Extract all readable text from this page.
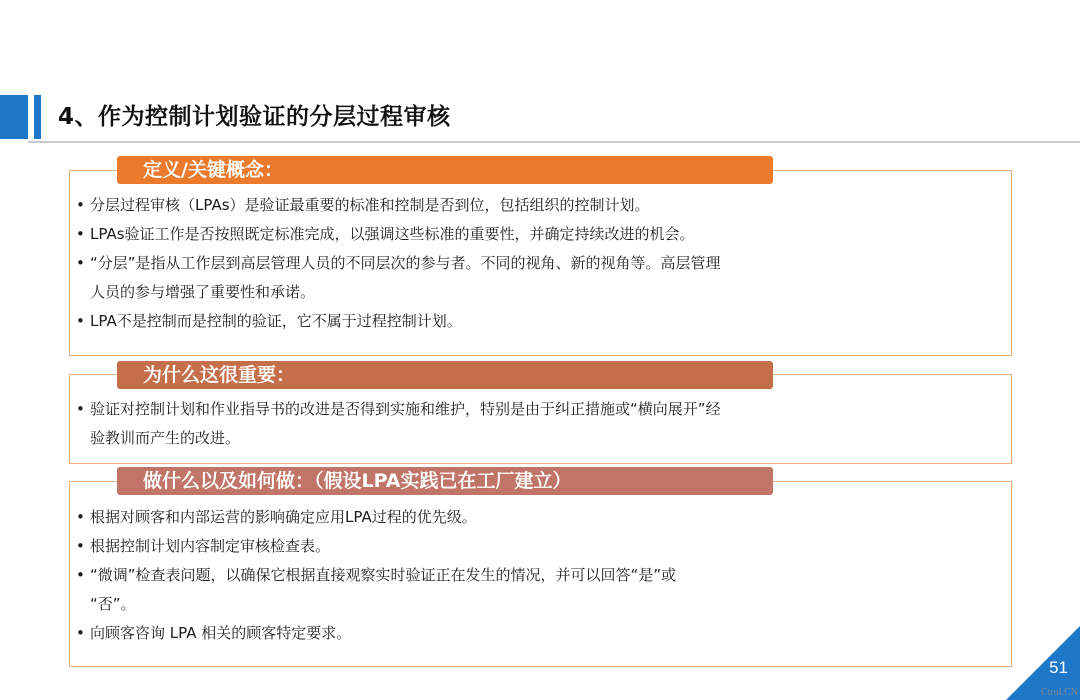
4、作为控制计划验证的分层过程审核
定义/关键概念：
• 分层过程审核（LPAs）是验证最重要的标准和控制是否到位，包括组织的控制计划。
• LPAs验证工作是否按照既定标准完成，以强调这些标准的重要性，并确定持续改进的机会。
• “分层”是指从工作层到高层管理人员的不同层次的参与者。不同的视角、新的视角等。高层管理
人员的参与增强了重要性和承诺。
• LPA不是控制而是控制的验证，它不属于过程控制计划。
为什么这很重要：
• 验证对控制计划和作业指导书的改进是否得到实施和维护，特别是由于纠正措施或“横向展开”经
验教训而产生的改进。
做什么以及如何做：（假设LPA实践已在工厂建立）
• 根据对顾客和内部运营的影响确定应用LPA过程的优先级。
• 根据控制计划内容制定审核检查表。
• “微调”检查表问题，以确保它根据直接观察实时验证正在发生的情况，并可以回答“是”或
“否”。
• 向顾客咨询 LPA 相关的顾客特定要求。
51
Ctrol.CN
